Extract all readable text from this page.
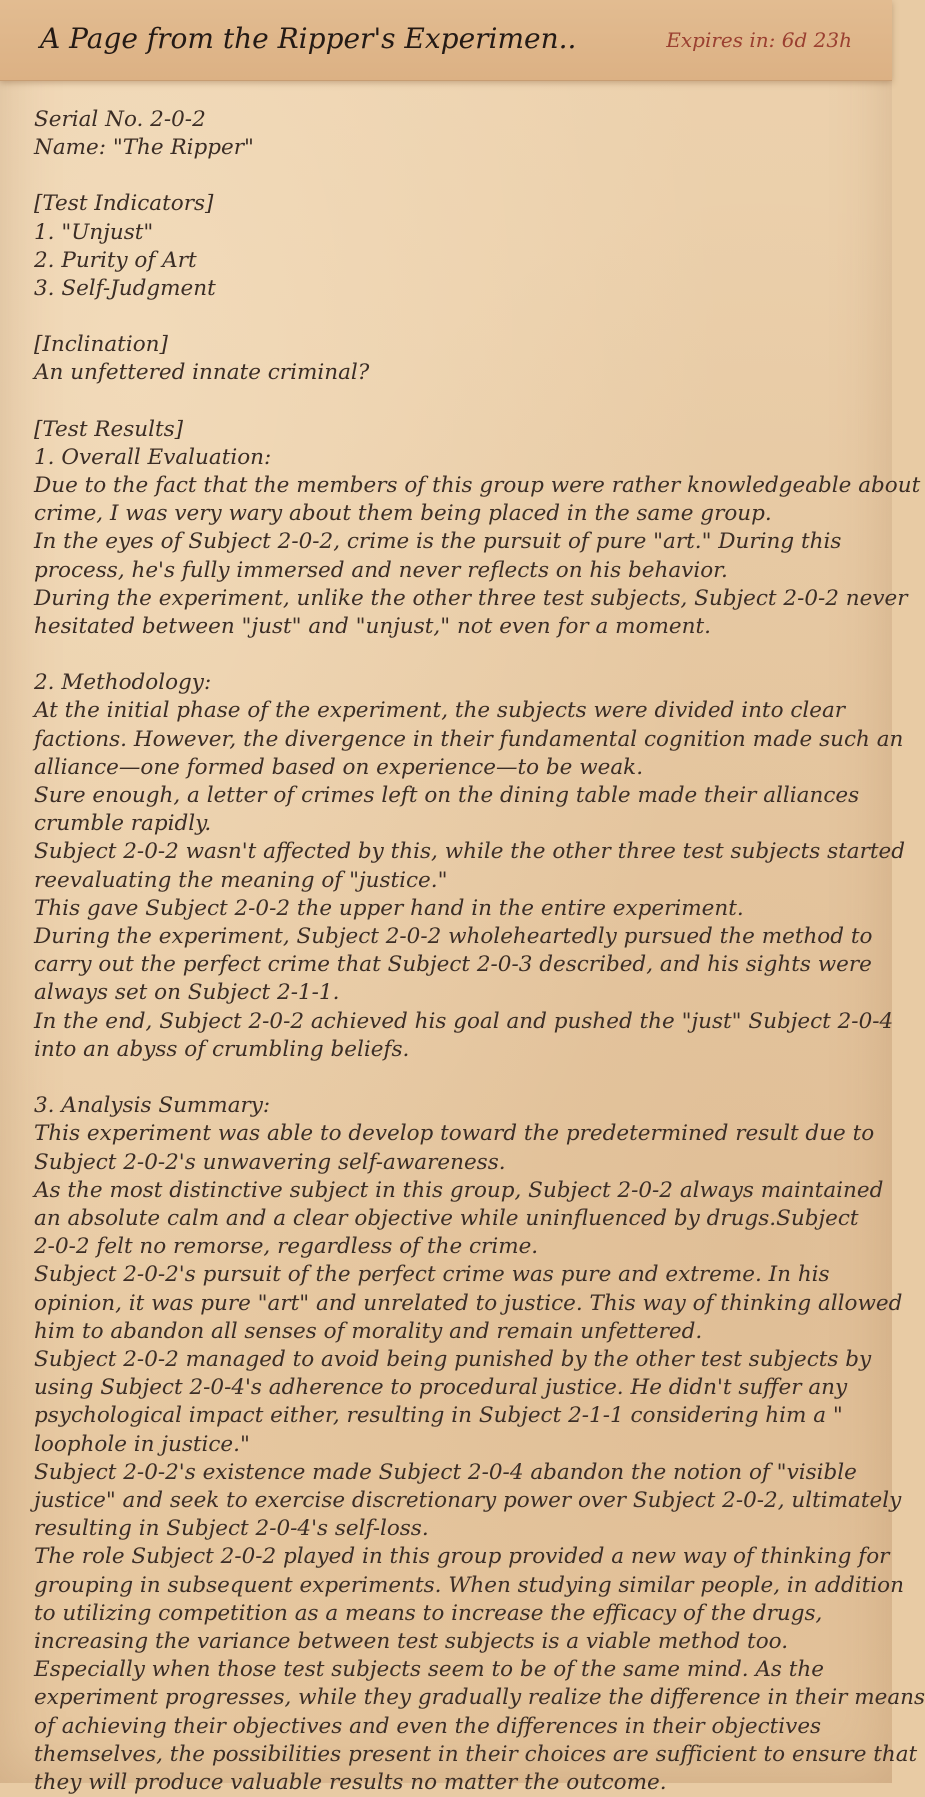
A Page from the Ripper's Experimen..	Expires in: 6d 23h
Serial No. 2-0-2
Name: "The Ripper"
[Test Indicators]
1. "Unjust"
2. Purity of Art
3. Self-Judgment
[Inclination]
An unfettered innate criminal?
[Test Results]
1. Overall Evaluation:
Due to the fact that the members of this group were rather knowledgeable about
crime, I was very wary about them being placed in the same group.
In the eyes of Subject 2-0-2, crime is the pursuit of pure "art." During this
process, he's fully immersed and never reflects on his behavior.
During the experiment, unlike the other three test subjects, Subject 2-0-2 never
hesitated between "just" and "unjust," not even for a moment.
2. Methodology:
At the initial phase of the experiment, the subjects were divided into clear
factions. However, the divergence in their fundamental cognition made such an
alliance—one formed based on experience—to be weak.
Sure enough, a letter of crimes left on the dining table made their alliances
crumble rapidly.
Subject 2-0-2 wasn't affected by this, while the other three test subjects started
reevaluating the meaning of "justice."
This gave Subject 2-0-2 the upper hand in the entire experiment.
During the experiment, Subject 2-0-2 wholeheartedly pursued the method to
carry out the perfect crime that Subject 2-0-3 described, and his sights were
always set on Subject 2-1-1.
In the end, Subject 2-0-2 achieved his goal and pushed the "just" Subject 2-0-4
into an abyss of crumbling beliefs.
3. Analysis Summary:
This experiment was able to develop toward the predetermined result due to
Subject 2-0-2's unwavering self-awareness.
As the most distinctive subject in this group, Subject 2-0-2 always maintained
an absolute calm and a clear objective while uninfluenced by drugs.Subject
2-0-2 felt no remorse, regardless of the crime.
Subject 2-0-2's pursuit of the perfect crime was pure and extreme. In his
opinion, it was pure "art" and unrelated to justice. This way of thinking allowed
him to abandon all senses of morality and remain unfettered.
Subject 2-0-2 managed to avoid being punished by the other test subjects by
using Subject 2-0-4's adherence to procedural justice. He didn't suffer any
psychological impact either, resulting in Subject 2-1-1 considering him a "
loophole in justice."
Subject 2-0-2's existence made Subject 2-0-4 abandon the notion of "visible
justice" and seek to exercise discretionary power over Subject 2-0-2, ultimately
resulting in Subject 2-0-4's self-loss.
The role Subject 2-0-2 played in this group provided a new way of thinking for
grouping in subsequent experiments. When studying similar people, in addition
to utilizing competition as a means to increase the efficacy of the drugs,
increasing the variance between test subjects is a viable method too.
Especially when those test subjects seem to be of the same mind. As the
experiment progresses, while they gradually realize the difference in their means
of achieving their objectives and even the differences in their objectives
themselves, the possibilities present in their choices are sufficient to ensure that
they will produce valuable results no matter the outcome.
